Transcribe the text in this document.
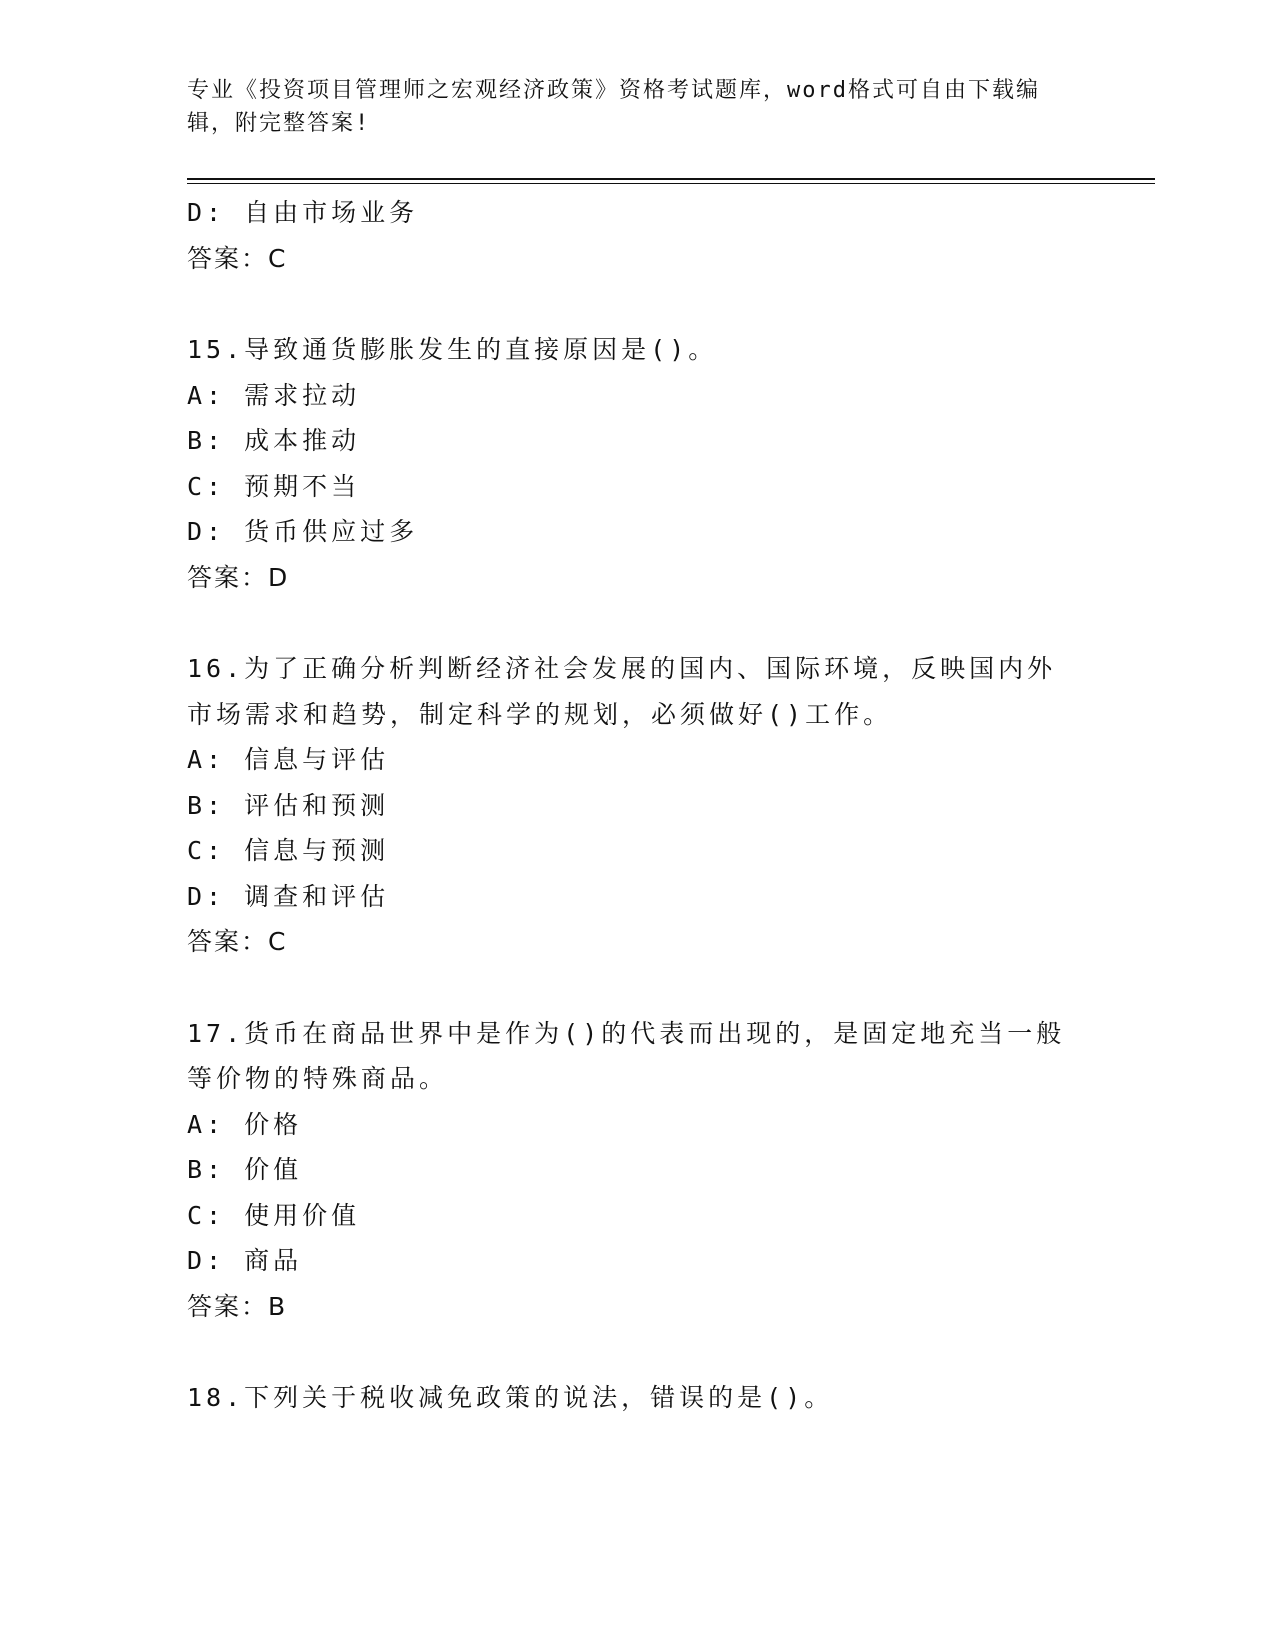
专业《投资项目管理师之宏观经济政策》资格考试题库，word格式可自由下载编辑，附完整答案!
D: 自由市场业务
答案：C
15.导致通货膨胀发生的直接原因是()。
A: 需求拉动
B: 成本推动
C: 预期不当
D: 货币供应过多
答案：D
16.为了正确分析判断经济社会发展的国内、国际环境，反映国内外市场需求和趋势，制定科学的规划，必须做好()工作。
A: 信息与评估
B: 评估和预测
C: 信息与预测
D: 调查和评估
答案：C
17.货币在商品世界中是作为()的代表而出现的，是固定地充当一般等价物的特殊商品。
A: 价格
B: 价值
C: 使用价值
D: 商品
答案：B
18.下列关于税收减免政策的说法，错误的是()。
